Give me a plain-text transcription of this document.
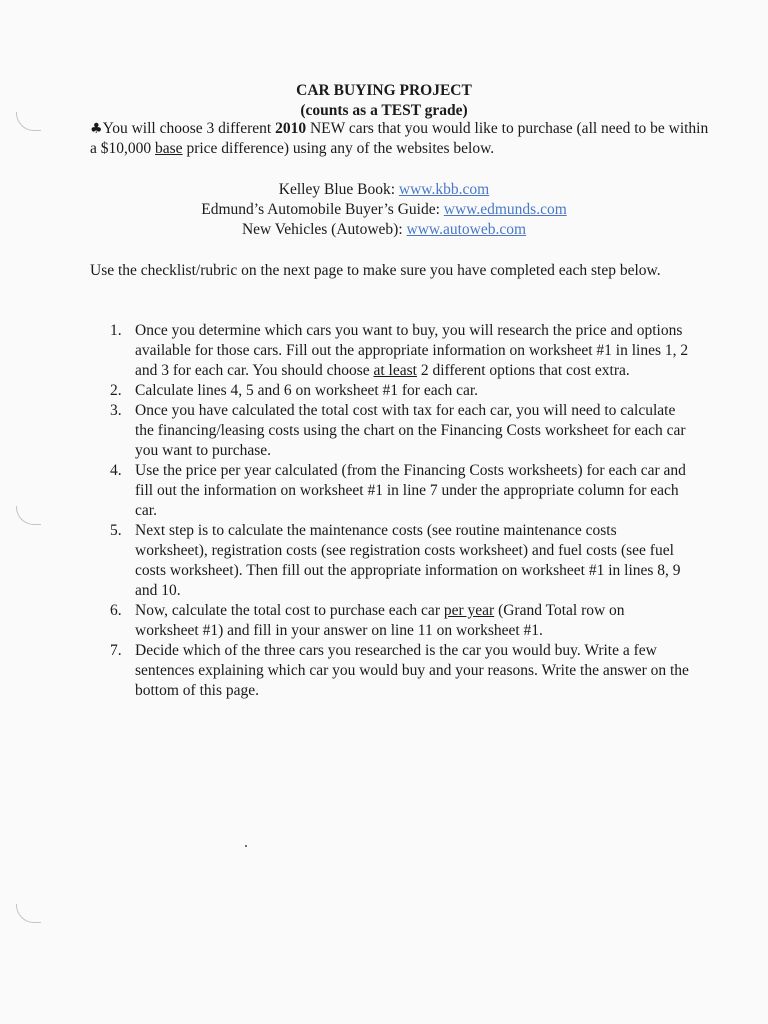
CAR BUYING PROJECT
(counts as a TEST grade)
♣You will choose 3 different 2010 NEW cars that you would like to purchase (all need to be within a $10,000 base price difference) using any of the websites below.
Kelley Blue Book: www.kbb.com
Edmund’s Automobile Buyer’s Guide: www.edmunds.com
New Vehicles (Autoweb): www.autoweb.com
Use the checklist/rubric on the next page to make sure you have completed each step below.
1. Once you determine which cars you want to buy, you will research the price and options available for those cars. Fill out the appropriate information on worksheet #1 in lines 1, 2 and 3 for each car. You should choose at least 2 different options that cost extra.
2. Calculate lines 4, 5 and 6 on worksheet #1 for each car.
3. Once you have calculated the total cost with tax for each car, you will need to calculate the financing/leasing costs using the chart on the Financing Costs worksheet for each car you want to purchase.
4. Use the price per year calculated (from the Financing Costs worksheets) for each car and fill out the information on worksheet #1 in line 7 under the appropriate column for each car.
5. Next step is to calculate the maintenance costs (see routine maintenance costs worksheet), registration costs (see registration costs worksheet) and fuel costs (see fuel costs worksheet). Then fill out the appropriate information on worksheet #1 in lines 8, 9 and 10.
6. Now, calculate the total cost to purchase each car per year (Grand Total row on worksheet #1) and fill in your answer on line 11 on worksheet #1.
7. Decide which of the three cars you researched is the car you would buy. Write a few sentences explaining which car you would buy and your reasons. Write the answer on the bottom of this page.
